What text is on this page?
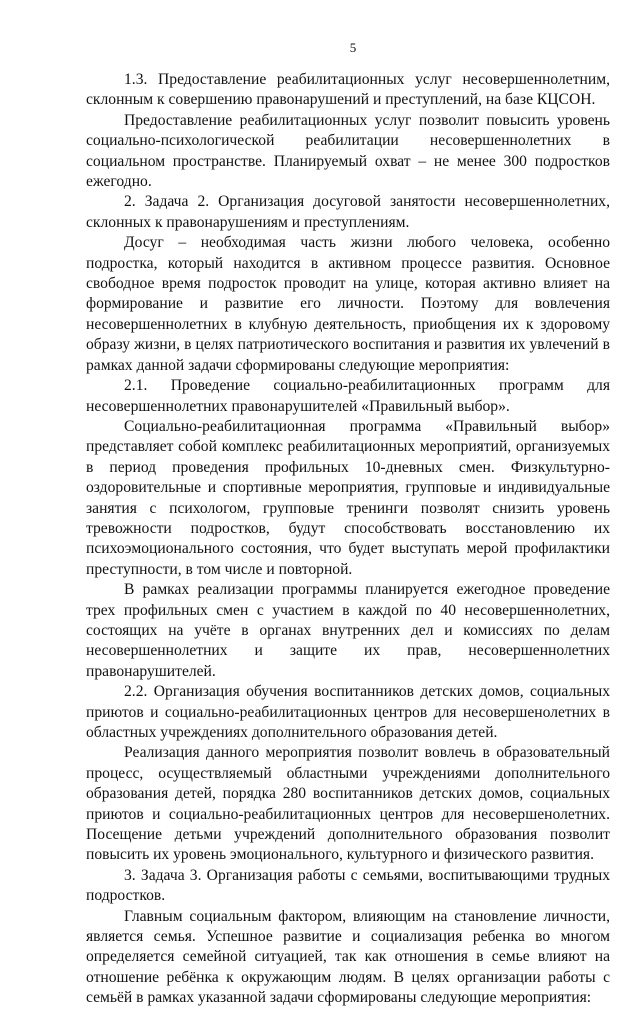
5

1.3. Предоставление реабилитационных услуг несовершеннолетним, склонным к совершению правонарушений и преступлений, на базе КЦСОН.

Предоставление реабилитационных услуг позволит повысить уровень социально-психологической реабилитации несовершеннолетних в социальном пространстве. Планируемый охват – не менее 300 подростков ежегодно.

2. Задача 2. Организация досуговой занятости несовершеннолетних, склонных к правонарушениям и преступлениям.

Досуг – необходимая часть жизни любого человека, особенно подростка, который находится в активном процессе развития. Основное свободное время подросток проводит на улице, которая активно влияет на формирование и развитие его личности. Поэтому для вовлечения несовершеннолетних в клубную деятельность, приобщения их к здоровому образу жизни, в целях патриотического воспитания и развития их увлечений в рамках данной задачи сформированы следующие мероприятия:

2.1. Проведение социально-реабилитационных программ для несовершеннолетних правонарушителей «Правильный выбор».

Социально-реабилитационная программа «Правильный выбор» представляет собой комплекс реабилитационных мероприятий, организуемых в период проведения профильных 10-дневных смен. Физкультурно-оздоровительные и спортивные мероприятия, групповые и индивидуальные занятия с психологом, групповые тренинги позволят снизить уровень тревожности подростков, будут способствовать восстановлению их психоэмоционального состояния, что будет выступать мерой профилактики преступности, в том числе и повторной.

В рамках реализации программы планируется ежегодное проведение трех профильных смен с участием в каждой по 40 несовершеннолетних, состоящих на учёте в органах внутренних дел и комиссиях по делам несовершеннолетних и защите их прав, несовершеннолетних правонарушителей.

2.2. Организация обучения воспитанников детских домов, социальных приютов и социально-реабилитационных центров для несовершенолетних в областных учреждениях дополнительного образования детей.

Реализация данного мероприятия позволит вовлечь в образовательный процесс, осуществляемый областными учреждениями дополнительного образования детей, порядка 280 воспитанников детских домов, социальных приютов и социально-реабилитационных центров для несовершенолетних. Посещение детьми учреждений дополнительного образования позволит повысить их уровень эмоционального, культурного и физического развития.

3. Задача 3. Организация работы с семьями, воспитывающими трудных подростков.

Главным социальным фактором, влияющим на становление личности, является семья. Успешное развитие и социализация ребенка во многом определяется семейной ситуацией, так как отношения в семье влияют на отношение ребёнка к окружающим людям. В целях организации работы с семьёй в рамках указанной задачи сформированы следующие мероприятия:
